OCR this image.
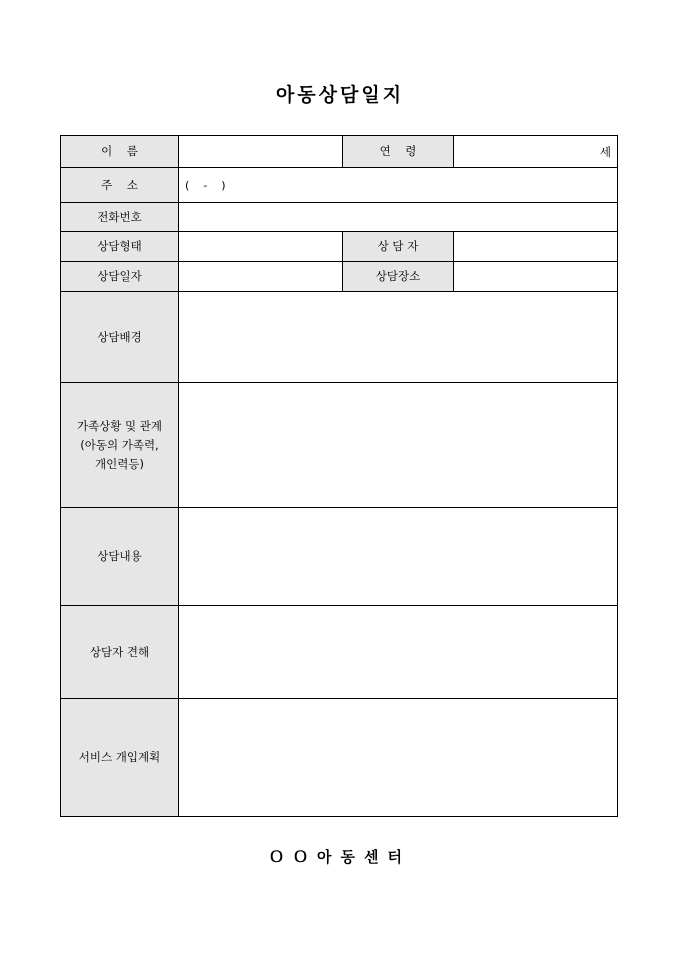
아동상담일지
이    름		연    령	세
주    소	(    -    )		
전화번호			
상담형태		상 담 자	
상담일자		상담장소	
상담배경			
가족상황 및 관계
(아동의 가족력,
개인력등)			
상담내용			
상담자 견해			
서비스 개입계획			
ＯＯ아동센터
